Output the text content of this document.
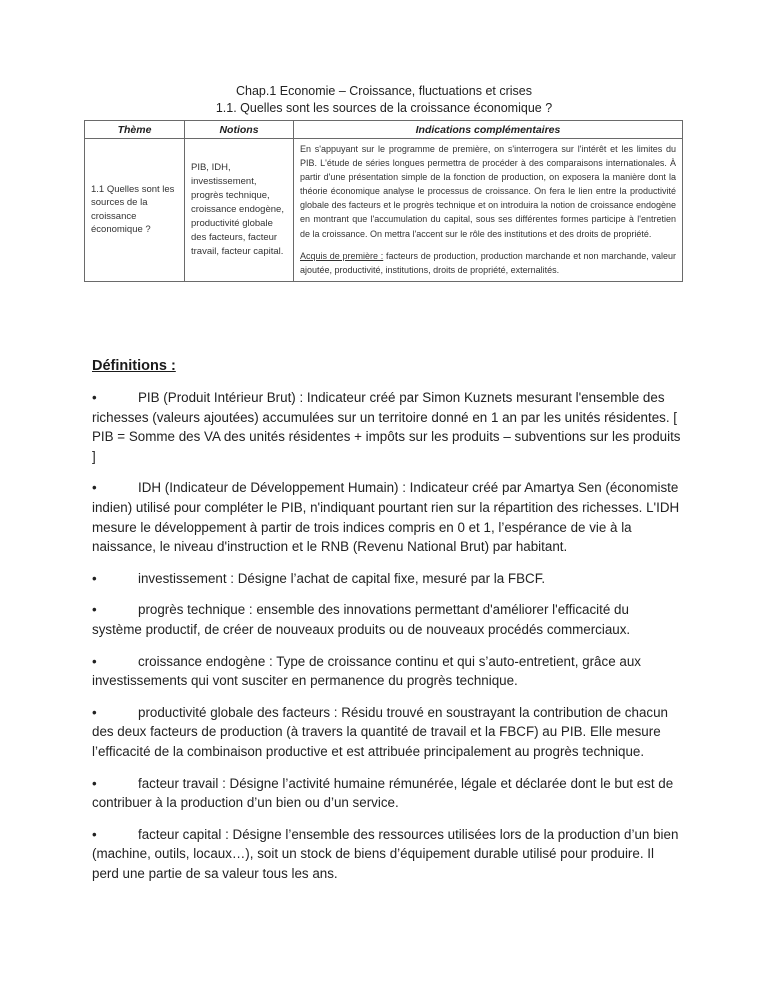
Chap.1 Economie – Croissance, fluctuations et crises
1.1. Quelles sont les sources de la croissance économique ?
Thème	Notions	Indications complémentaires
1.1 Quelles sont les sources de la croissance économique ?	PIB, IDH, investissement, progrès technique, croissance endogène, productivité globale des facteurs, facteur travail, facteur capital.	En s'appuyant sur le programme de première, on s'interrogera sur l'intérêt et les limites du PIB. L'étude de séries longues permettra de procéder à des comparaisons internationales. À partir d'une présentation simple de la fonction de production, on exposera la manière dont la théorie économique analyse le processus de croissance. On fera le lien entre la productivité globale des facteurs et le progrès technique et on introduira la notion de croissance endogène en montrant que l'accumulation du capital, sous ses différentes formes participe à l'entretien de la croissance. On mettra l'accent sur le rôle des institutions et des droits de propriété.

Acquis de première : facteurs de production, production marchande et non marchande, valeur ajoutée, productivité, institutions, droits de propriété, externalités.

Définitions :

•	PIB (Produit Intérieur Brut) : Indicateur créé par Simon Kuznets mesurant l'ensemble des richesses (valeurs ajoutées) accumulées sur un territoire donné en 1 an par les unités résidentes. [ PIB = Somme des VA des unités résidentes + impôts sur les produits – subventions sur les produits ]

•	IDH (Indicateur de Développement Humain) : Indicateur créé par Amartya Sen (économiste indien) utilisé pour compléter le PIB, n'indiquant pourtant rien sur la répartition des richesses. L'IDH mesure le développement à partir de trois indices compris en 0 et 1, l’espérance de vie à la naissance, le niveau d'instruction et le RNB (Revenu National Brut) par habitant.

•	investissement : Désigne l’achat de capital fixe, mesuré par la FBCF.

•	progrès technique : ensemble des innovations permettant d'améliorer l'efficacité du système productif, de créer de nouveaux produits ou de nouveaux procédés commerciaux.

•	croissance endogène : Type de croissance continu et qui s’auto-entretient, grâce aux investissements qui vont susciter en permanence du progrès technique.

•	productivité globale des facteurs : Résidu trouvé en soustrayant la contribution de chacun des deux facteurs de production (à travers la quantité de travail et la FBCF) au PIB. Elle mesure l’efficacité de la combinaison productive et est attribuée principalement au progrès technique.

•	facteur travail : Désigne l’activité humaine rémunérée, légale et déclarée dont le but est de contribuer à la production d’un bien ou d’un service.

•	facteur capital : Désigne l’ensemble des ressources utilisées lors de la production d’un bien (machine, outils, locaux…), soit un stock de biens d’équipement durable utilisé pour produire. Il perd une partie de sa valeur tous les ans.
